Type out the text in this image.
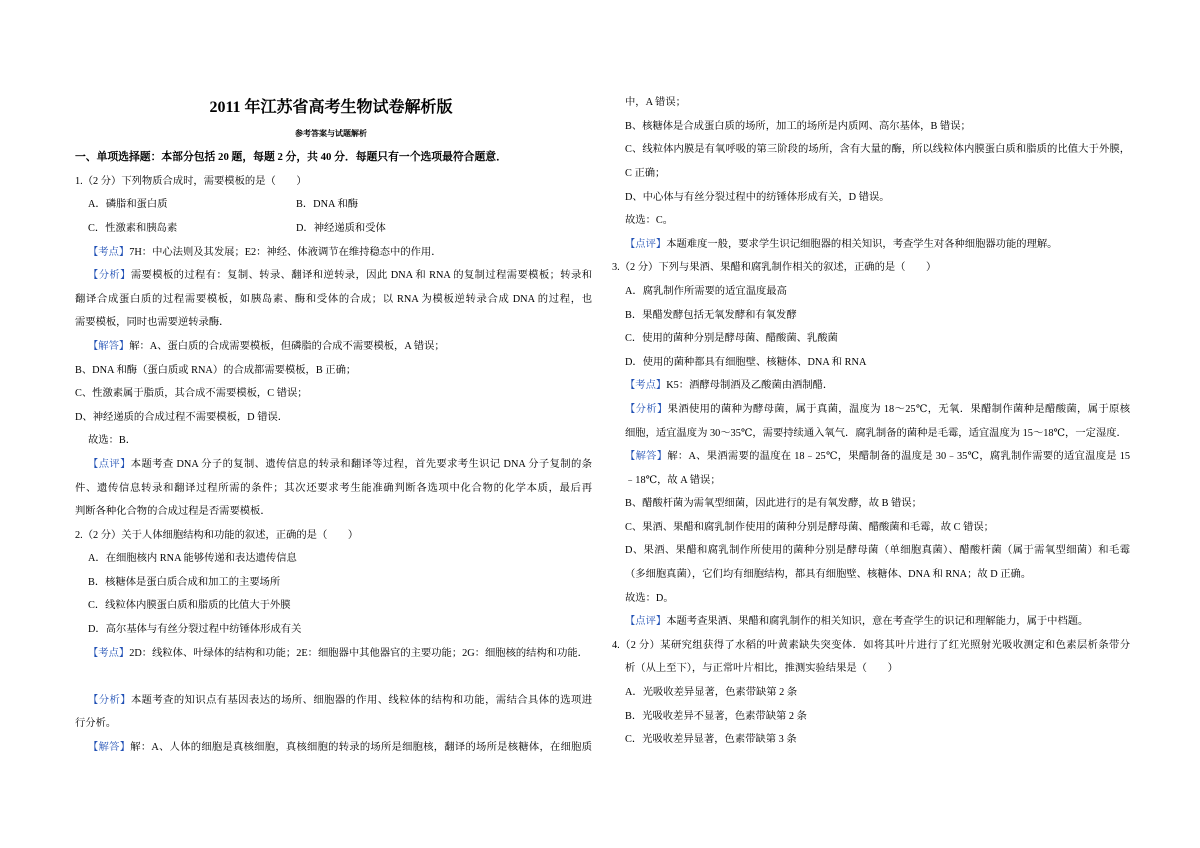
2011 年江苏省高考生物试卷解析版
参考答案与试题解析
一、单项选择题：本部分包括 20 题，每题 2 分，共 40 分．每题只有一个选项最符合题意．
1.（2 分）下列物质合成时，需要模板的是（　　）
A．磷脂和蛋白质	B．DNA 和酶
C．性激素和胰岛素	D．神经递质和受体
【考点】7H：中心法则及其发展；E2：神经、体液调节在维持稳态中的作用．
【分析】需要模板的过程有：复制、转录、翻译和逆转录，因此 DNA 和 RNA 的复制过程需要模板；转录和
翻译合成蛋白质的过程需要模板，如胰岛素、酶和受体的合成；以 RNA 为模板逆转录合成 DNA 的过程，也
需要模板，同时也需要逆转录酶．
【解答】解：A、蛋白质的合成需要模板，但磷脂的合成不需要模板，A 错误；
B、DNA 和酶（蛋白质或 RNA）的合成都需要模板，B 正确；
C、性激素属于脂质，其合成不需要模板，C 错误；
D、神经递质的合成过程不需要模板，D 错误．
故选：B．
【点评】本题考查 DNA 分子的复制、遗传信息的转录和翻译等过程，首先要求考生识记 DNA 分子复制的条
件、遗传信息转录和翻译过程所需的条件；其次还要求考生能准确判断各选项中化合物的化学本质，最后再
判断各种化合物的合成过程是否需要模板．
2.（2 分）关于人体细胞结构和功能的叙述，正确的是（　　）
A．在细胞核内 RNA 能够传递和表达遗传信息
B．核糖体是蛋白质合成和加工的主要场所
C．线粒体内膜蛋白质和脂质的比值大于外膜
D．高尔基体与有丝分裂过程中纺锤体形成有关
【考点】2D：线粒体、叶绿体的结构和功能；2E：细胞器中其他器官的主要功能；2G：细胞核的结构和功能．
【分析】本题考查的知识点有基因表达的场所、细胞器的作用、线粒体的结构和功能，需结合具体的选项进
行分析。
【解答】解：A、人体的细胞是真核细胞，真核细胞的转录的场所是细胞核，翻译的场所是核糖体，在细胞质
中，A 错误；
B、核糖体是合成蛋白质的场所，加工的场所是内质网、高尔基体，B 错误；
C、线粒体内膜是有氧呼吸的第三阶段的场所，含有大量的酶，所以线粒体内膜蛋白质和脂质的比值大于外膜，
C 正确；
D、中心体与有丝分裂过程中的纺锤体形成有关，D 错误。
故选：C。
【点评】本题难度一般，要求学生识记细胞器的相关知识，考查学生对各种细胞器功能的理解。
3.（2 分）下列与果酒、果醋和腐乳制作相关的叙述，正确的是（　　）
A．腐乳制作所需要的适宜温度最高
B．果醋发酵包括无氧发酵和有氧发酵
C．使用的菌种分别是酵母菌、醋酸菌、乳酸菌
D．使用的菌种都具有细胞壁、核糖体、DNA 和 RNA
【考点】K5：酒酵母制酒及乙酸菌由酒制醋．
【分析】果酒使用的菌种为酵母菌，属于真菌，温度为 18～25℃，无氧．果醋制作菌种是醋酸菌，属于原核
细胞，适宜温度为 30～35℃，需要持续通入氧气．腐乳制备的菌种是毛霉，适宜温度为 15～18℃，一定湿度．
【解答】解：A、果酒需要的温度在 18﹣25℃，果醋制备的温度是 30﹣35℃，腐乳制作需要的适宜温度是 15
﹣18℃，故 A 错误；
B、醋酸杆菌为需氧型细菌，因此进行的是有氧发酵，故 B 错误；
C、果酒、果醋和腐乳制作使用的菌种分别是酵母菌、醋酸菌和毛霉，故 C 错误；
D、果酒、果醋和腐乳制作所使用的菌种分别是酵母菌（单细胞真菌）、醋酸杆菌（属于需氧型细菌）和毛霉
（多细胞真菌），它们均有细胞结构，都具有细胞壁、核糖体、DNA 和 RNA；故 D 正确。
故选：D。
【点评】本题考查果酒、果醋和腐乳制作的相关知识，意在考查学生的识记和理解能力，属于中档题。
4.（2 分）某研究组获得了水稻的叶黄素缺失突变体．如将其叶片进行了红光照射光吸收测定和色素层析条带分
析（从上至下），与正常叶片相比，推测实验结果是（　　）
A．光吸收差异显著，色素带缺第 2 条
B．光吸收差异不显著，色素带缺第 2 条
C．光吸收差异显著，色素带缺第 3 条
